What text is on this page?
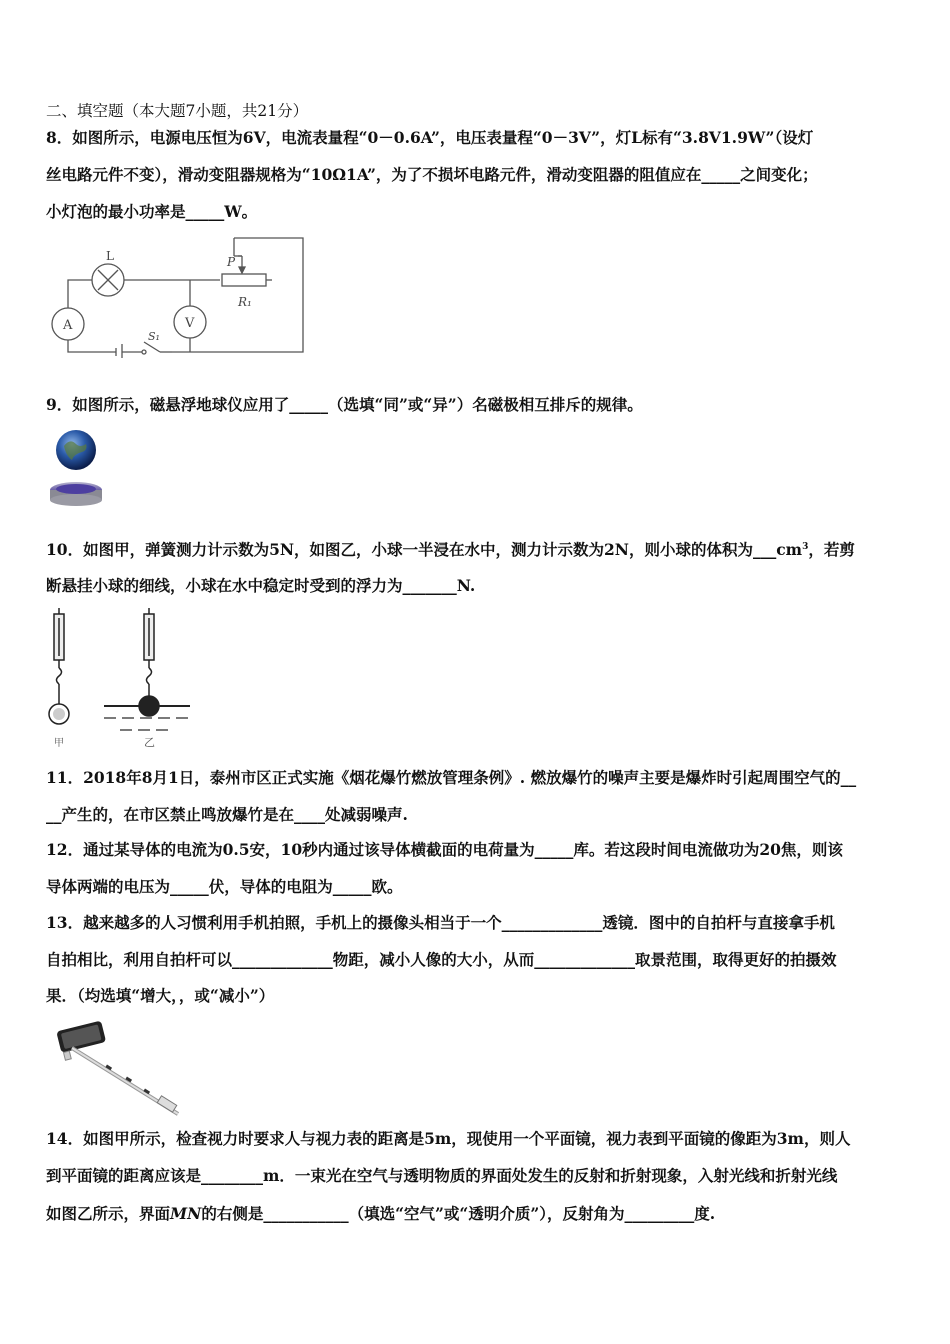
二、填空题（本大题7小题，共21分）
8．如图所示，电源电压恒为6V，电流表量程“0－0.6A”，电压表量程“0－3V”，灯L标有“3.8V1.9W”（设灯
丝电路元件不变），滑动变阻器规格为“10Ω1A”，为了不损坏电路元件，滑动变阻器的阻值应在_____之间变化；
小灯泡的最小功率是_____W。
L	P
R₁
A	V
S₁
9．如图所示，磁悬浮地球仪应用了_____（选填“同”或“异”）名磁极相互排斥的规律。
10．如图甲，弹簧测力计示数为5N，如图乙，小球一半浸在水中，测力计示数为2N，则小球的体积为$\_\_\_cm^3$，若剪
断悬挂小球的细线，小球在水中稳定时受到的浮力为_______N.
甲	乙
11．2018年8月1日，泰州市区正式实施《烟花爆竹燃放管理条例》. 燃放爆竹的噪声主要是爆炸时引起周围空气的__
__产生的，在市区禁止鸣放爆竹是在____处减弱噪声.
12．通过某导体的电流为0.5安，10秒内通过该导体横截面的电荷量为_____库。若这段时间电流做功为20焦，则该
导体两端的电压为_____伏，导体的电阻为_____欧。
13．越来越多的人习惯利用手机拍照，手机上的摄像头相当于一个_____________透镜．图中的自拍杆与直接拿手机
自拍相比，利用自拍杆可以_____________物距，减小人像的大小，从而_____________取景范围，取得更好的拍摄效
果．（均选填“增大，，或“减小”）
14．如图甲所示，检查视力时要求人与视力表的距离是5m，现使用一个平面镜，视力表到平面镜的像距为3m，则人
到平面镜的距离应该是________m．一束光在空气与透明物质的界面处发生的反射和折射现象，入射光线和折射光线
如图乙所示，界面MN的右侧是___________（填选“空气”或“透明介质”），反射角为_________度.
